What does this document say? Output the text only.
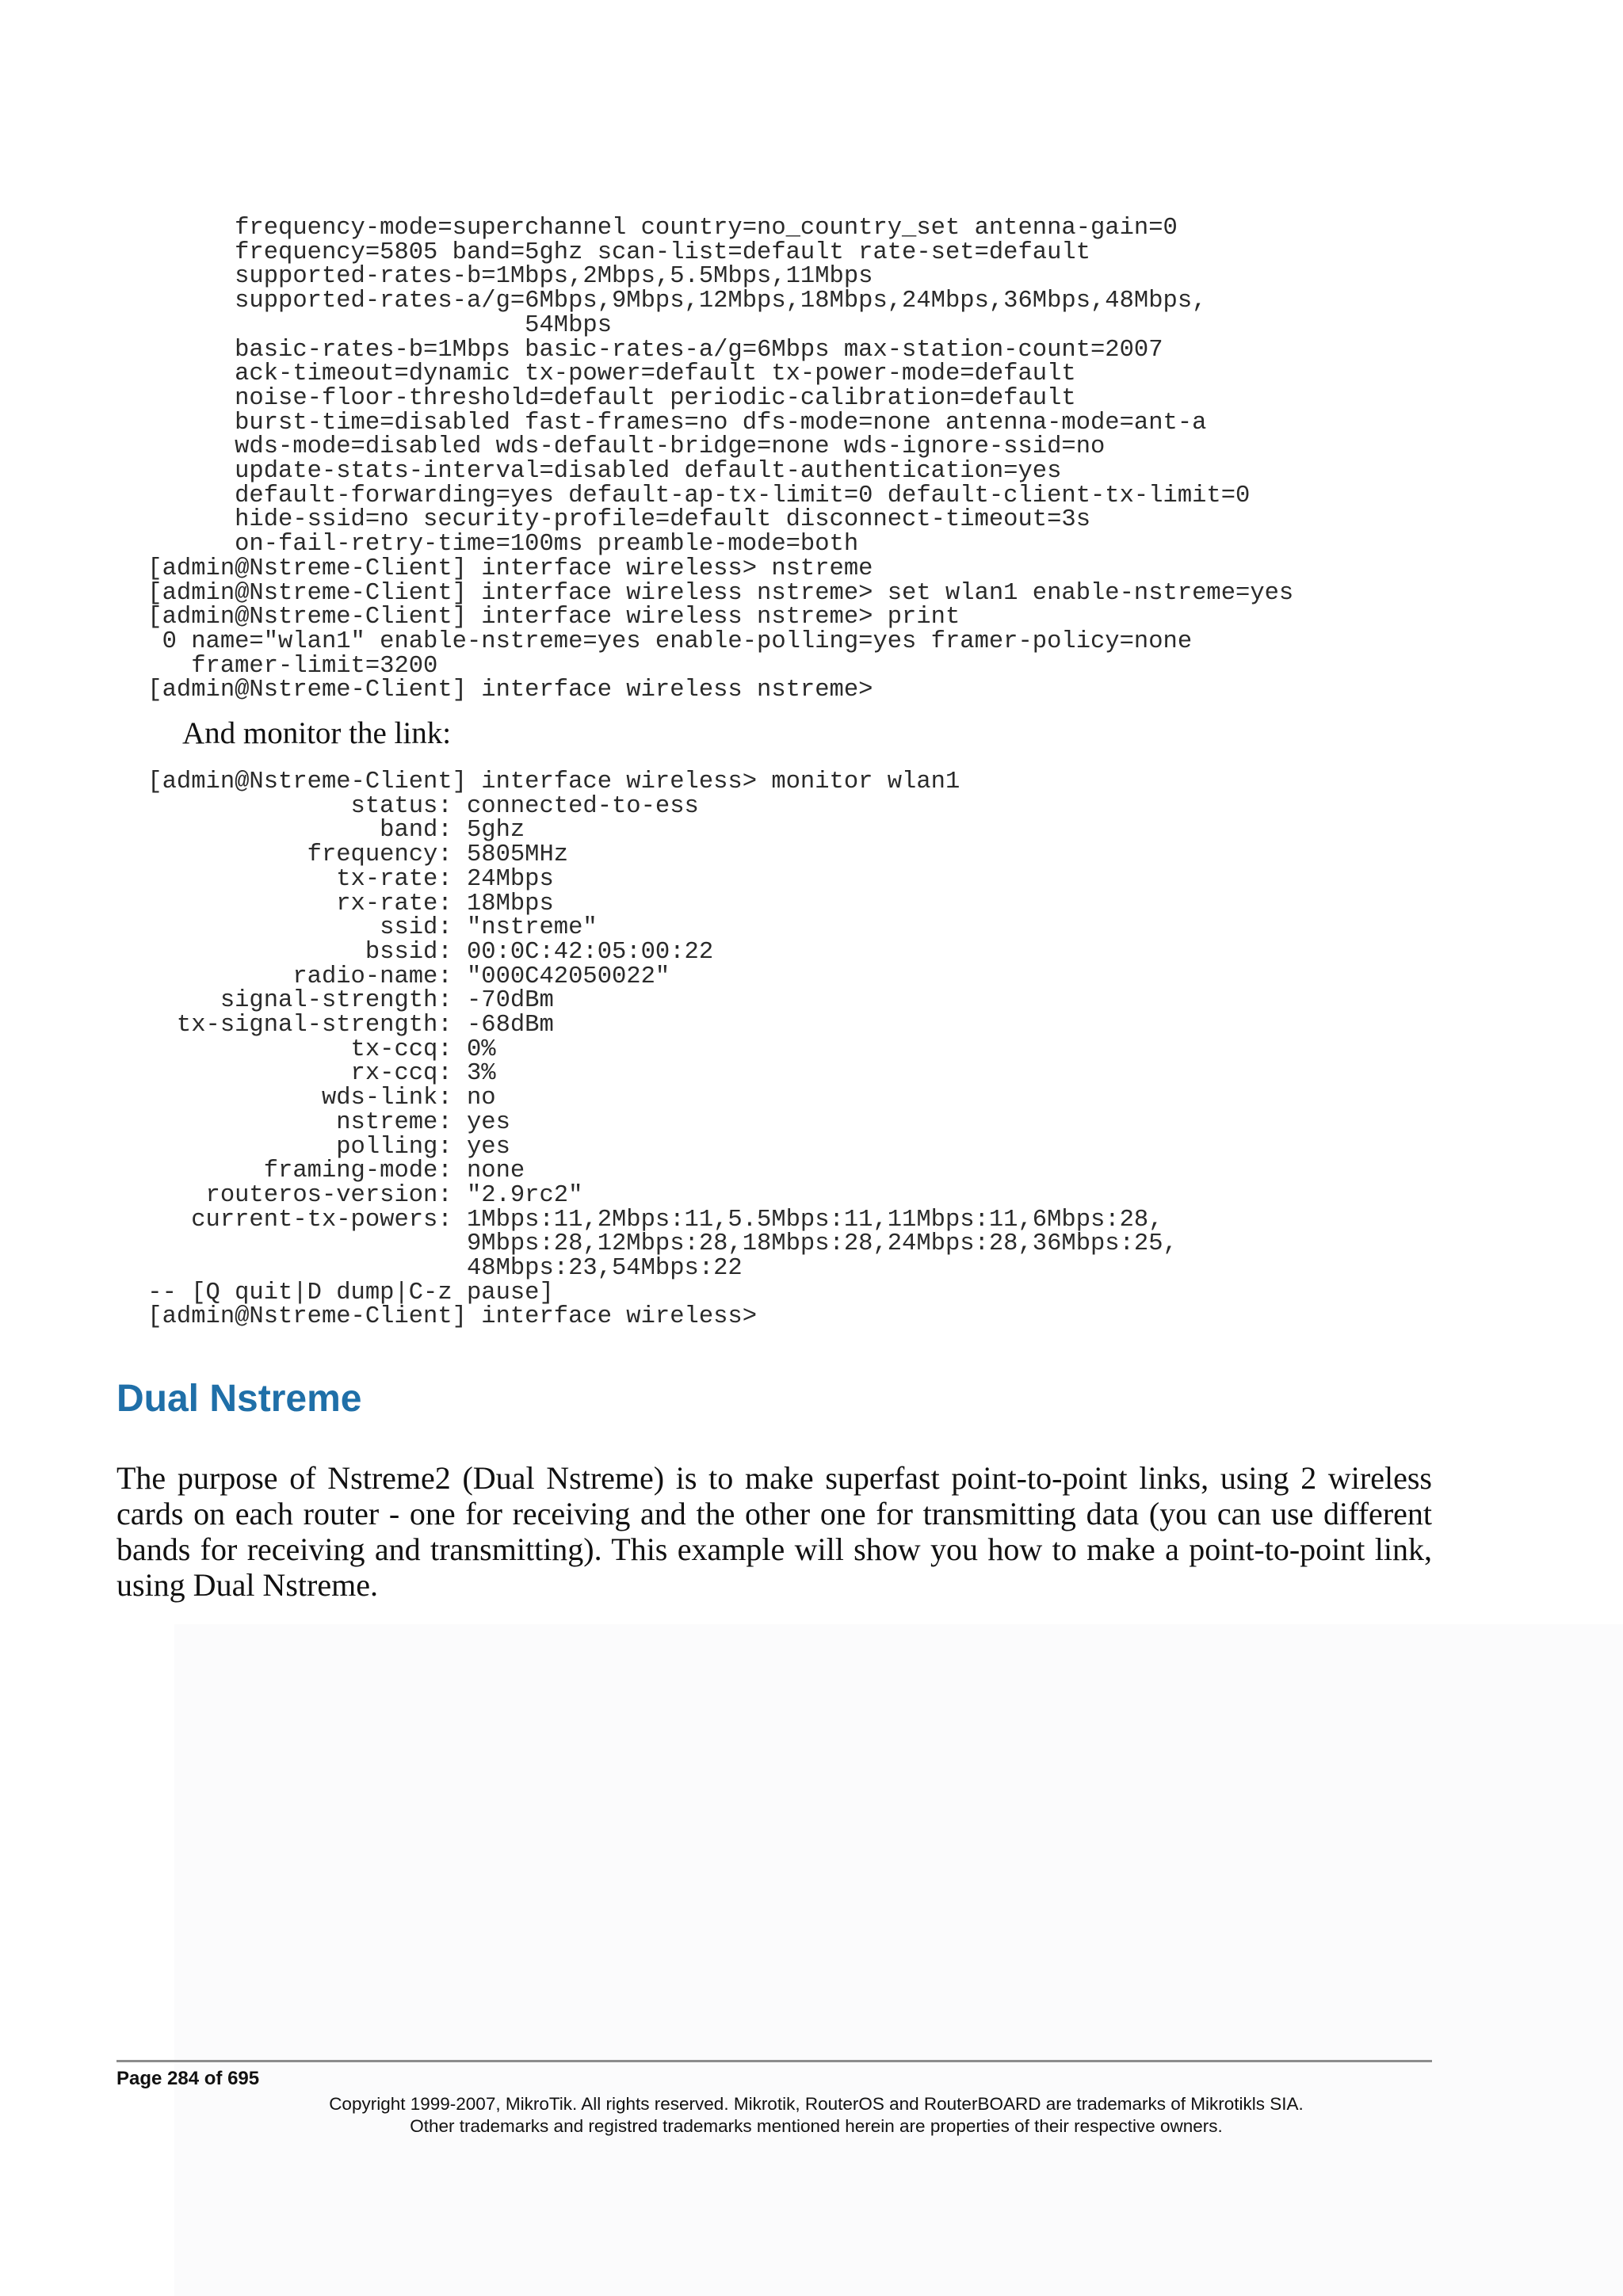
frequency-mode=superchannel country=no_country_set antenna-gain=0
frequency=5805 band=5ghz scan-list=default rate-set=default
supported-rates-b=1Mbps,2Mbps,5.5Mbps,11Mbps
supported-rates-a/g=6Mbps,9Mbps,12Mbps,18Mbps,24Mbps,36Mbps,48Mbps,
54Mbps
basic-rates-b=1Mbps basic-rates-a/g=6Mbps max-station-count=2007
ack-timeout=dynamic tx-power=default tx-power-mode=default
noise-floor-threshold=default periodic-calibration=default
burst-time=disabled fast-frames=no dfs-mode=none antenna-mode=ant-a
wds-mode=disabled wds-default-bridge=none wds-ignore-ssid=no
update-stats-interval=disabled default-authentication=yes
default-forwarding=yes default-ap-tx-limit=0 default-client-tx-limit=0
hide-ssid=no security-profile=default disconnect-timeout=3s
on-fail-retry-time=100ms preamble-mode=both
[admin@Nstreme-Client] interface wireless> nstreme
[admin@Nstreme-Client] interface wireless nstreme> set wlan1 enable-nstreme=yes
[admin@Nstreme-Client] interface wireless nstreme> print
0 name="wlan1" enable-nstreme=yes enable-polling=yes framer-policy=none
framer-limit=3200
[admin@Nstreme-Client] interface wireless nstreme>
And monitor the link:
[admin@Nstreme-Client] interface wireless> monitor wlan1
status: connected-to-ess
band: 5ghz
frequency: 5805MHz
tx-rate: 24Mbps
rx-rate: 18Mbps
ssid: "nstreme"
bssid: 00:0C:42:05:00:22
radio-name: "000C42050022"
signal-strength: -70dBm
tx-signal-strength: -68dBm
tx-ccq: 0%
rx-ccq: 3%
wds-link: no
nstreme: yes
polling: yes
framing-mode: none
routeros-version: "2.9rc2"
current-tx-powers: 1Mbps:11,2Mbps:11,5.5Mbps:11,11Mbps:11,6Mbps:28,
9Mbps:28,12Mbps:28,18Mbps:28,24Mbps:28,36Mbps:25,
48Mbps:23,54Mbps:22
-- [Q quit|D dump|C-z pause]
[admin@Nstreme-Client] interface wireless>
Dual Nstreme

The purpose of Nstreme2 (Dual Nstreme) is to make superfast point-to-point links, using 2 wireless cards on each router - one for receiving and the other one for transmitting data (you can use different bands for receiving and transmitting). This example will show you how to make a point-to-point link, using Dual Nstreme.

Page 284 of 695
Copyright 1999-2007, MikroTik. All rights reserved. Mikrotik, RouterOS and RouterBOARD are trademarks of Mikrotikls SIA.
Other trademarks and registred trademarks mentioned herein are properties of their respective owners.
